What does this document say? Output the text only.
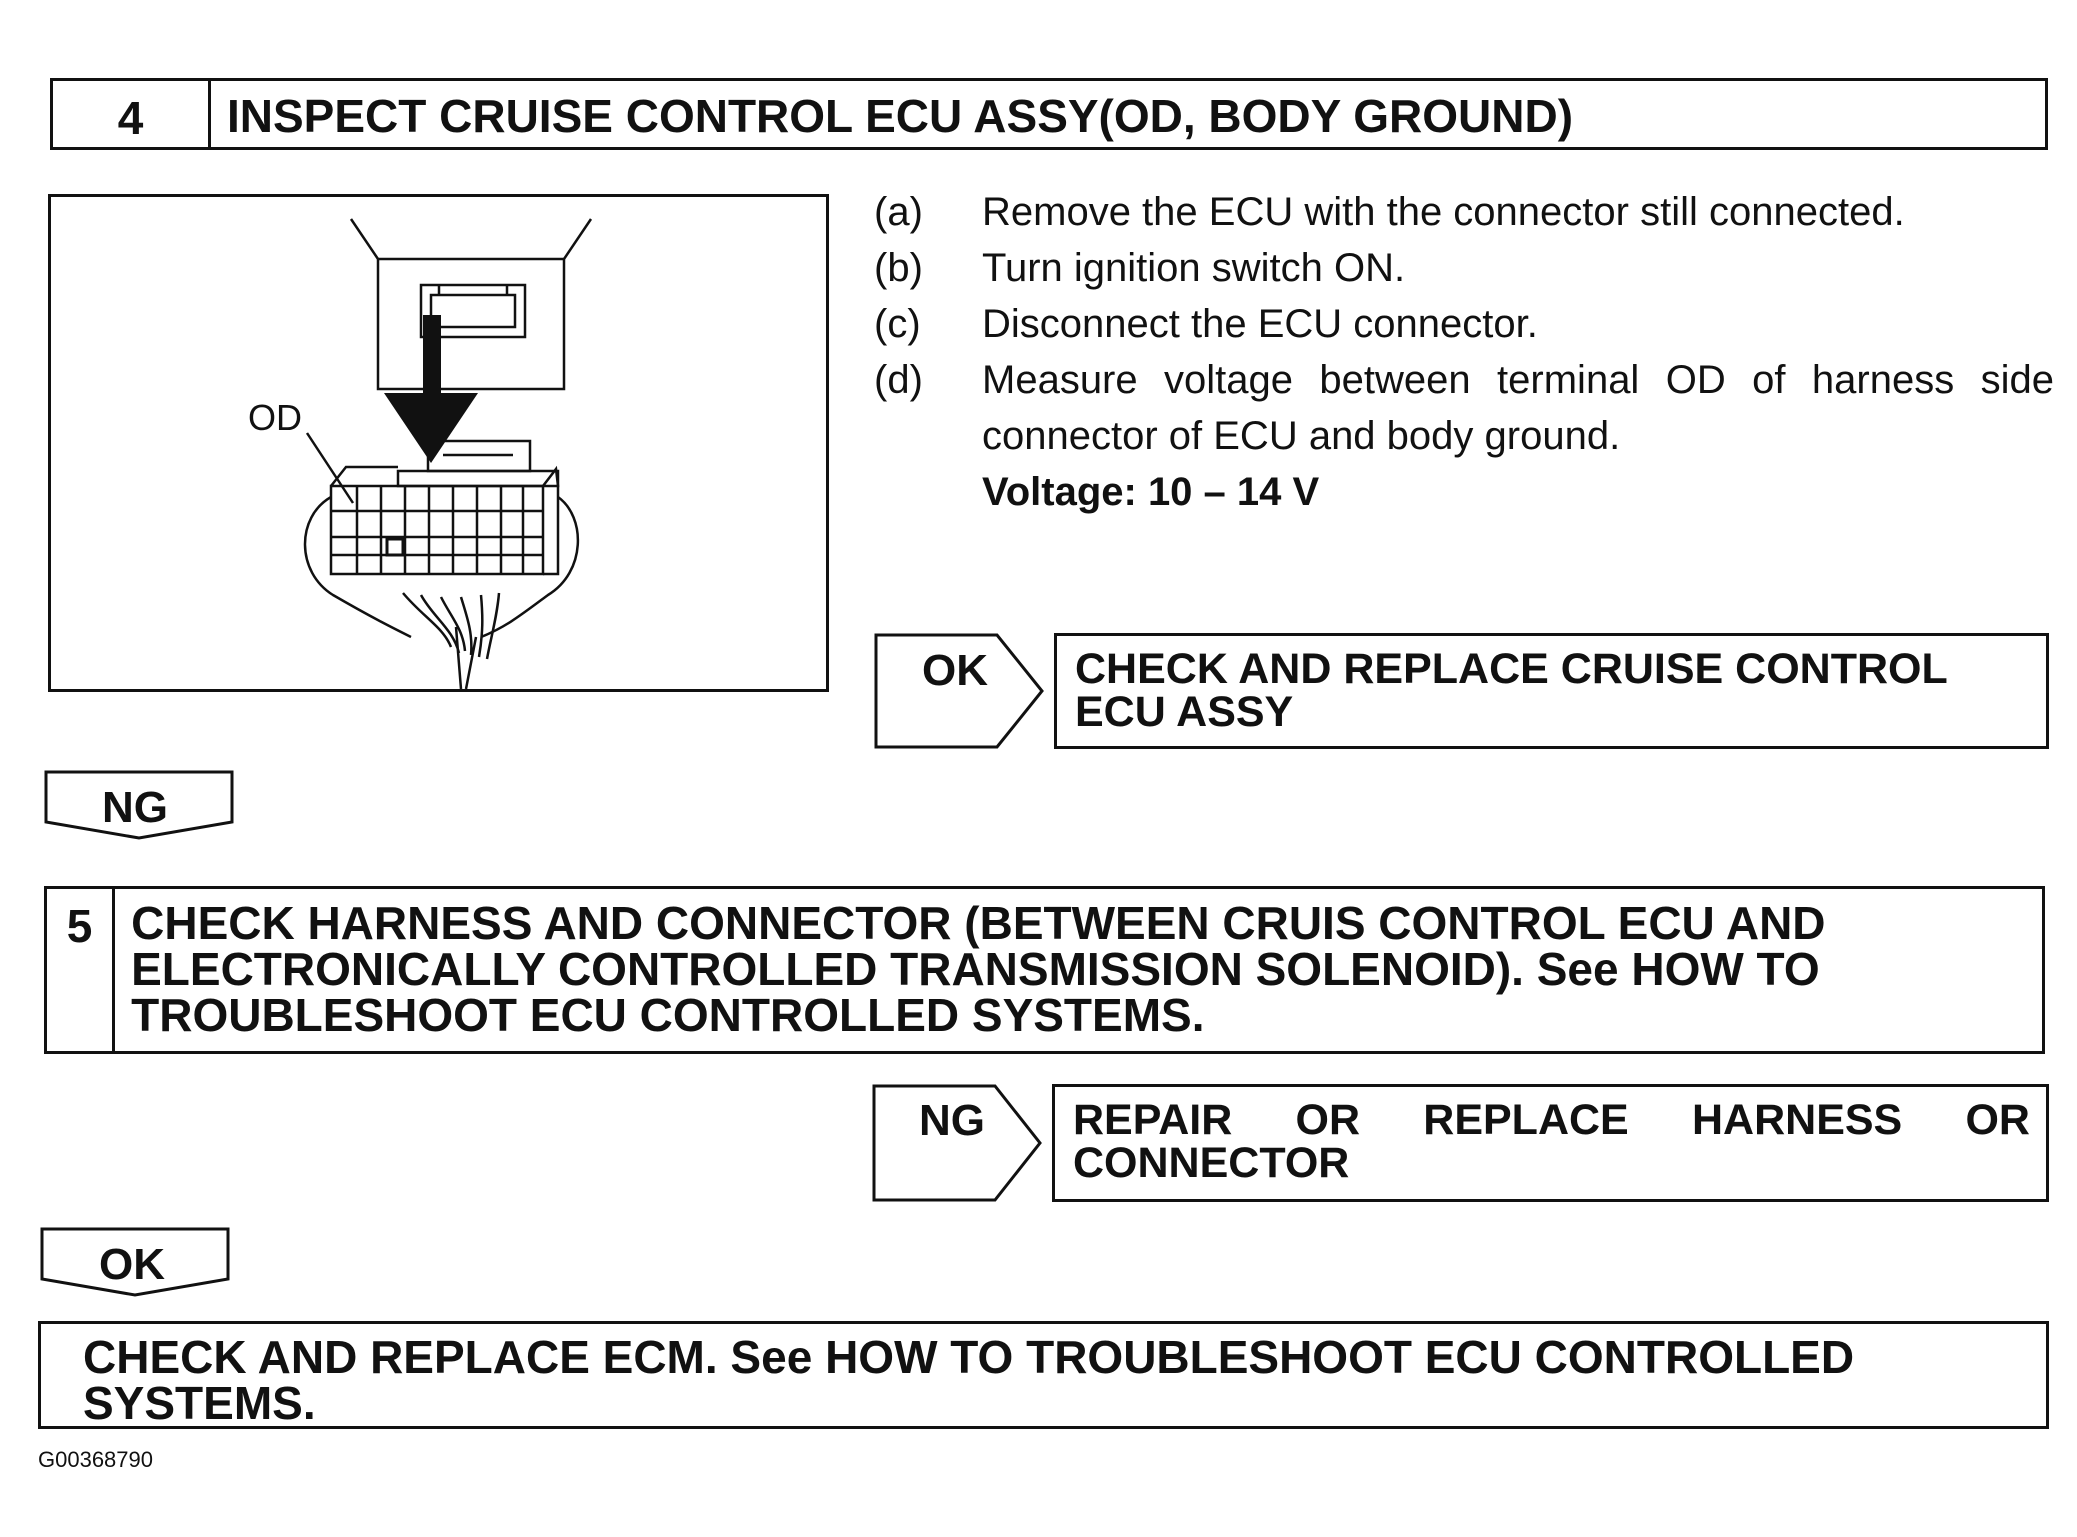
4	INSPECT CRUISE CONTROL ECU ASSY(OD, BODY GROUND)
OD
(a)	Remove the ECU with the connector still connected.
(b)	Turn ignition switch ON.
(c)	Disconnect the ECU connector.
(d)	Measure voltage between terminal OD of harness side connector of ECU and body ground.
Voltage: 10 – 14 V
OK	CHECK AND REPLACE CRUISE CONTROL ECU ASSY
NG
5 CHECK HARNESS AND CONNECTOR (BETWEEN CRUIS CONTROL ECU AND ELECTRONICALLY CONTROLLED TRANSMISSION SOLENOID). See HOW TO TROUBLESHOOT ECU CONTROLLED SYSTEMS.
NG	REPAIR OR REPLACE HARNESS OR CONNECTOR
OK
CHECK AND REPLACE ECM. See HOW TO TROUBLESHOOT ECU CONTROLLED SYSTEMS.
G00368790
